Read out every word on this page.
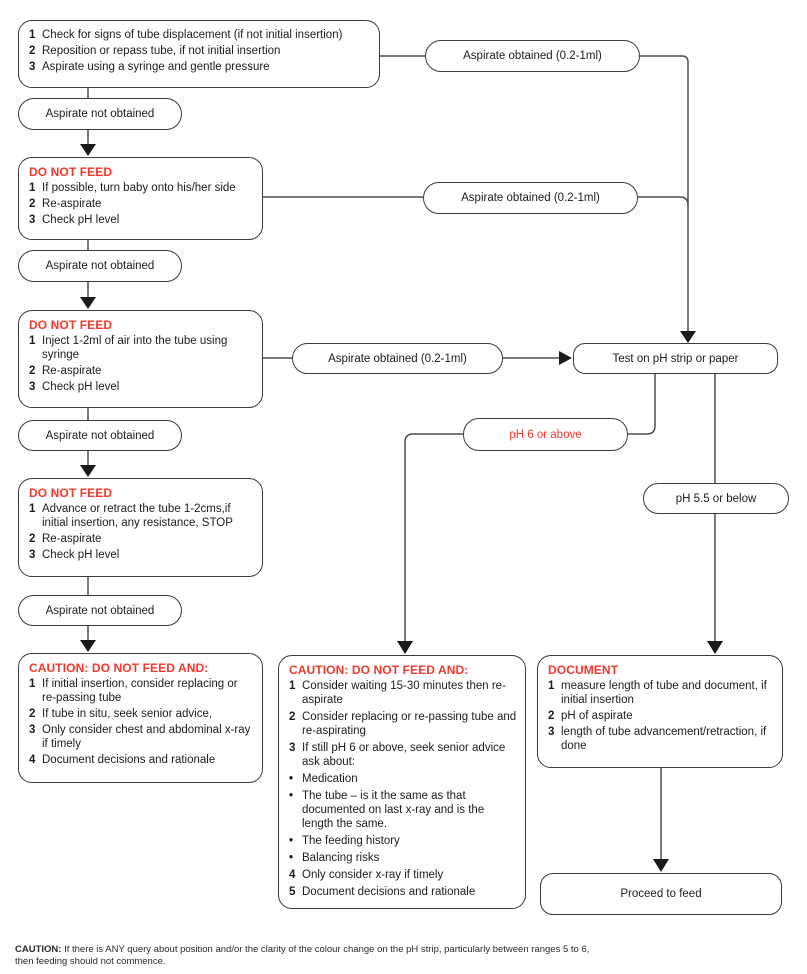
1 Check for signs of tube displacement (if not initial insertion)
2 Reposition or repass tube, if not initial insertion
3 Aspirate using a syringe and gentle pressure
Aspirate not obtained
Aspirate obtained (0.2-1ml)
DO NOT FEED
1 If possible, turn baby onto his/her side
2 Re-aspirate
3 Check pH level
Aspirate not obtained
Aspirate obtained (0.2-1ml)
DO NOT FEED
1 Inject 1-2ml of air into the tube using syringe
2 Re-aspirate
3 Check pH level
Aspirate not obtained
Aspirate obtained (0.2-1ml)	Test on pH strip or paper
pH 6 or above
pH 5.5 or below
DO NOT FEED
1 Advance or retract the tube 1-2cms,if initial insertion, any resistance, STOP
2 Re-aspirate
3 Check pH level
Aspirate not obtained
CAUTION: DO NOT FEED AND:
1 If initial insertion, consider replacing or re-passing tube
2 If tube in situ, seek senior advice,
3 Only consider chest and abdominal x-ray if timely
4 Document decisions and rationale
CAUTION: DO NOT FEED AND:
1 Consider waiting 15-30 minutes then re-aspirate
2 Consider replacing or re-passing tube and re-aspirating
3 If still pH 6 or above, seek senior advice ask about:
• Medication
• The tube – is it the same as that documented on last x-ray and is the length the same.
• The feeding history
• Balancing risks
4 Only consider x-ray if timely
5 Document decisions and rationale
DOCUMENT
1 measure length of tube and document, if initial insertion
2 pH of aspirate
3 length of tube advancement/retraction, if done
Proceed to feed
CAUTION: If there is ANY query about position and/or the clarity of the colour change on the pH strip, particularly between ranges 5 to 6,
then feeding should not commence.
